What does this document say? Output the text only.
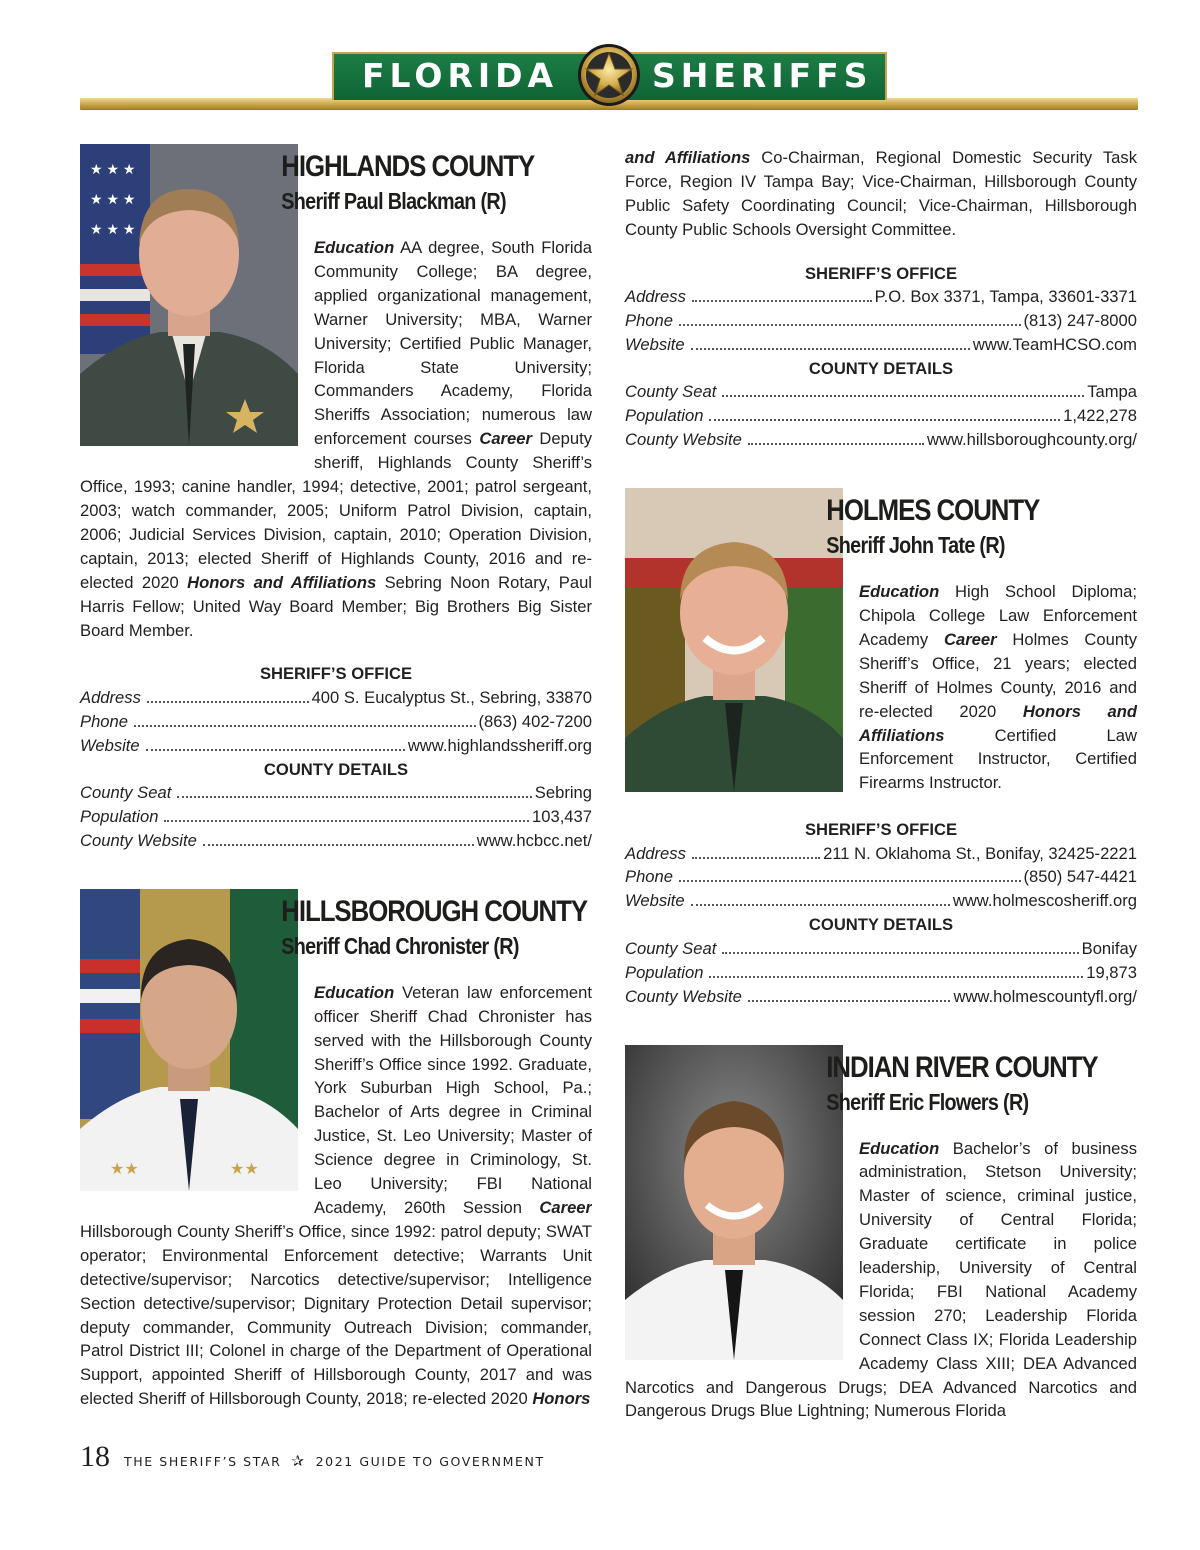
FLORIDA	SHERIFFS
★ ★ ★
★ ★ ★
★ ★ ★
HIGHLANDS COUNTY
Sheriff Paul Blackman (R)
Education AA degree, South Florida Community College; BA degree, applied organizational management, Warner University; MBA, Warner University; Certified Public Manager, Florida State University; Commanders Academy, Florida Sheriffs Association; numerous law enforcement courses Career Deputy sheriff, Highlands County Sheriff’s Office, 1993; canine handler, 1994; detective, 2001; patrol sergeant, 2003; watch commander, 2005; Uniform Patrol Division, captain, 2006; Judicial Services Division, captain, 2010; Operation Division, captain, 2013; elected Sheriff of Highlands County, 2016 and re-elected 2020 Honors and Affiliations Sebring Noon Rotary, Paul Harris Fellow; United Way Board Member; Big Brothers Big Sister Board Member.
SHERIFF’S OFFICE
Address	400 S. Eucalyptus St., Sebring, 33870
Phone	(863) 402-7200
Website	www.highlandssheriff.org
COUNTY DETAILS
County Seat	Sebring
Population	103,437
County Website	www.hcbcc.net/
★★	★★
HILLSBOROUGH COUNTY
Sheriff Chad Chronister (R)
Education Veteran law enforcement officer Sheriff Chad Chronister has served with the Hillsborough County Sheriff’s Office since 1992. Graduate, York Suburban High School, Pa.; Bachelor of Arts degree in Criminal Justice, St. Leo University; Master of Science degree in Criminology, St. Leo University; FBI National Academy, 260th Session Career Hillsborough County Sheriff’s Office, since 1992: patrol deputy; SWAT operator; Environmental Enforcement detective; Warrants Unit detective/supervisor; Narcotics detective/supervisor; Intelligence Section detective/supervisor; Dignitary Protection Detail supervisor; deputy commander, Community Outreach Division; commander, Patrol District III; Colonel in charge of the Department of Operational Support, appointed Sheriff of Hillsborough County, 2017 and was elected Sheriff of Hillsborough County, 2018; re-elected 2020 Honors
and Affiliations Co-Chairman, Regional Domestic Security Task Force, Region IV Tampa Bay; Vice-Chairman, Hillsborough County Public Safety Coordinating Council; Vice-Chairman, Hillsborough County Public Schools Oversight Committee.
SHERIFF’S OFFICE
Address	P.O. Box 3371, Tampa, 33601-3371
Phone	(813) 247-8000
Website	www.TeamHCSO.com
COUNTY DETAILS
County Seat	Tampa
Population	1,422,278
County Website	www.hillsboroughcounty.org/
HOLMES COUNTY
Sheriff John Tate (R)
Education High School Diploma; Chipola College Law Enforcement Academy Career Holmes County Sheriff’s Office, 21 years; elected Sheriff of Holmes County, 2016 and re-elected 2020 Honors and Affiliations Certified Law Enforcement Instructor, Certified Firearms Instructor.
SHERIFF’S OFFICE
Address	211 N. Oklahoma St., Bonifay, 32425-2221
Phone	(850) 547-4421
Website	www.holmescosheriff.org
COUNTY DETAILS
County Seat	Bonifay
Population	19,873
County Website	www.holmescountyfl.org/
INDIAN RIVER COUNTY
Sheriff Eric Flowers (R)
Education Bachelor’s of business administration, Stetson University; Master of science, criminal justice, University of Central Florida; Graduate certificate in police leadership, University of Central Florida; FBI National Academy session 270; Leadership Florida Connect Class IX; Florida Leadership Academy Class XIII; DEA Advanced Narcotics and Dangerous Drugs; DEA Advanced Narcotics and Dangerous Drugs Blue Lightning; Numerous Florida
18 THE SHERIFF’S STAR ✰ 2021 GUIDE TO GOVERNMENT
